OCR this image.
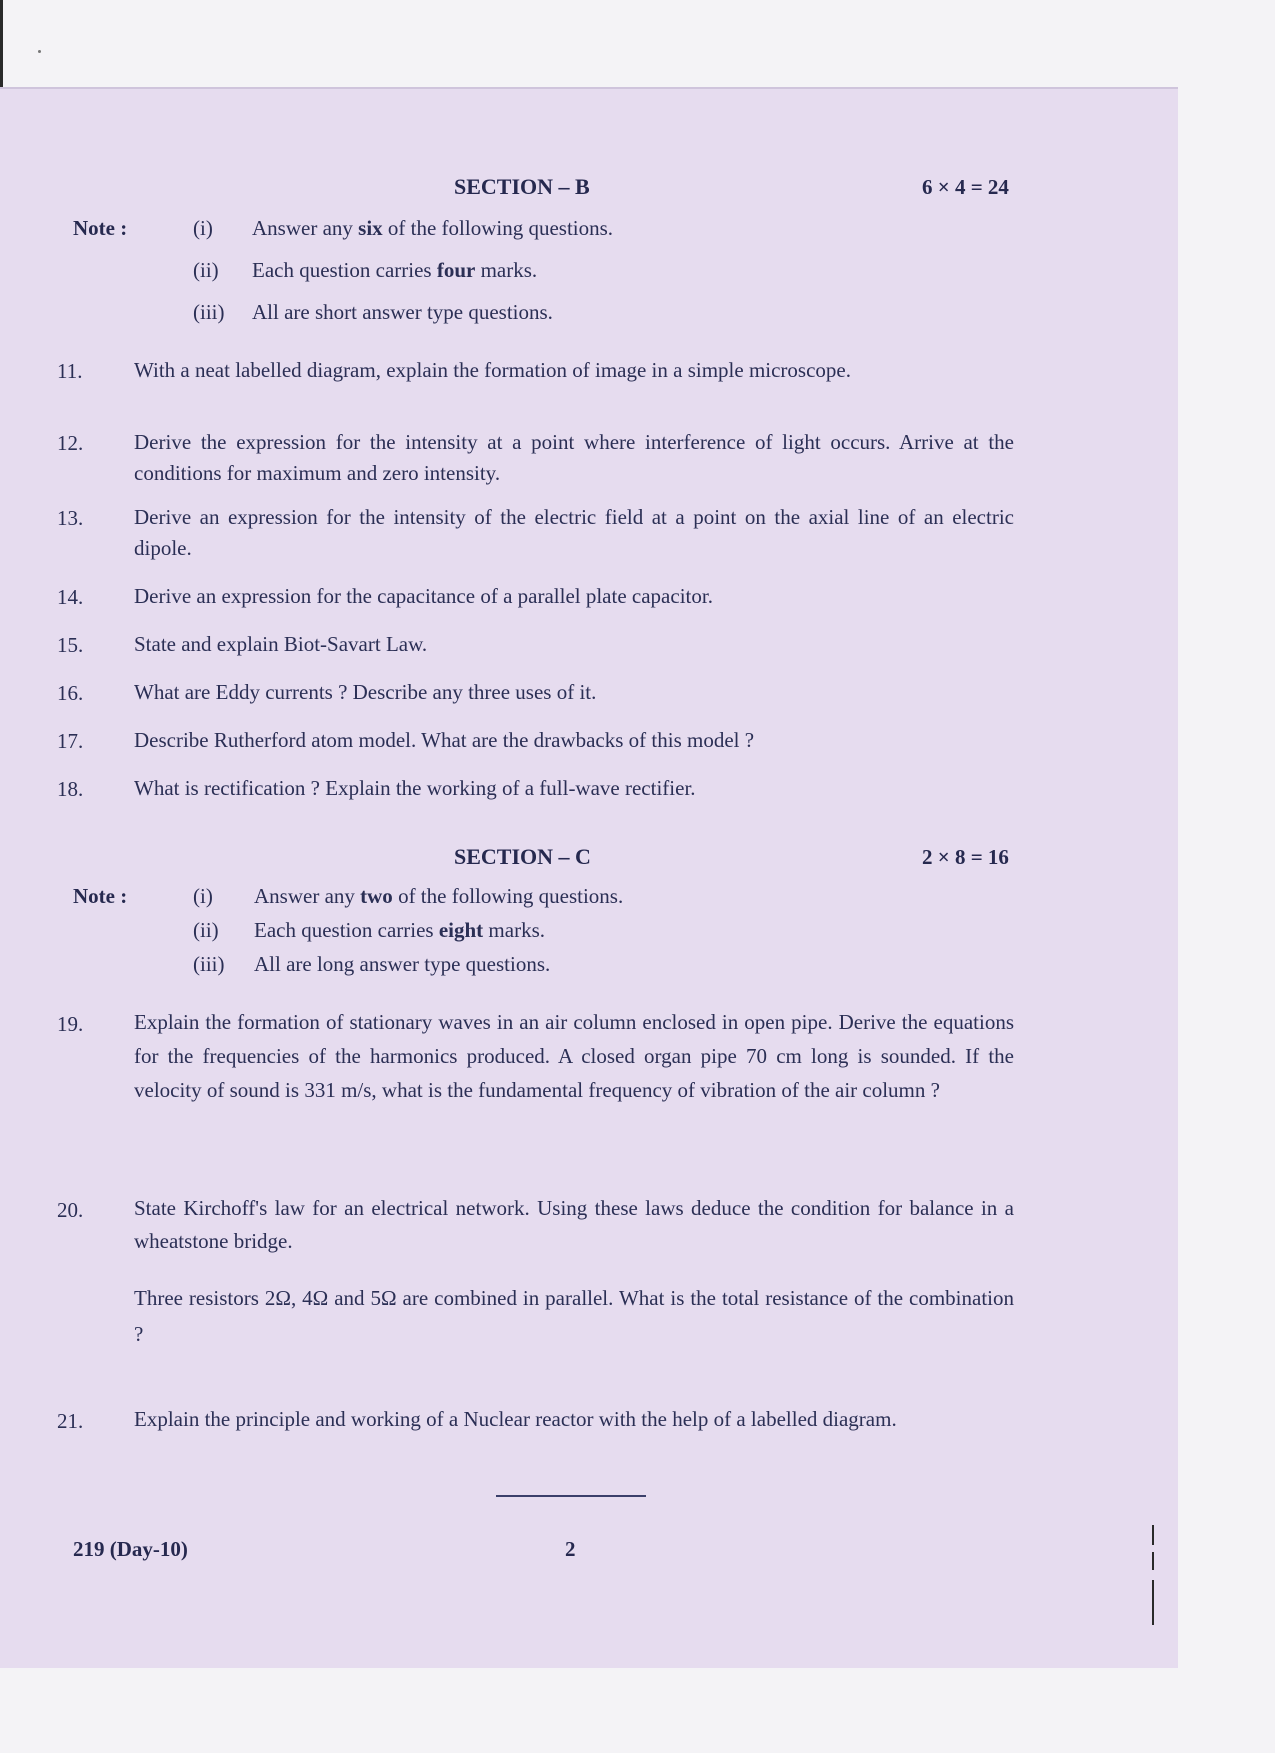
SECTION – B	6 × 4 = 24
Note :	(i) Answer any six of the following questions.
(ii) Each question carries four marks.
(iii) All are short answer type questions.
11. With a neat labelled diagram, explain the formation of image in a simple microscope.
12. Derive the expression for the intensity at a point where interference of light occurs. Arrive at the conditions for maximum and zero intensity.
13. Derive an expression for the intensity of the electric field at a point on the axial line of an electric dipole.
14. Derive an expression for the capacitance of a parallel plate capacitor.
15. State and explain Biot-Savart Law.
16. What are Eddy currents ? Describe any three uses of it.
17. Describe Rutherford atom model. What are the drawbacks of this model ?
18. What is rectification ? Explain the working of a full-wave rectifier.
SECTION – C	2 × 8 = 16
Note :	(i) Answer any two of the following questions.
(ii) Each question carries eight marks.
(iii) All are long answer type questions.
19. Explain the formation of stationary waves in an air column enclosed in open pipe. Derive the equations for the frequencies of the harmonics produced. A closed organ pipe 70 cm long is sounded. If the velocity of sound is 331 m/s, what is the fundamental frequency of vibration of the air column ?
20. State Kirchoff's law for an electrical network. Using these laws deduce the condition for balance in a wheatstone bridge.
Three resistors 2Ω, 4Ω and 5Ω are combined in parallel. What is the total resistance of the combination ?
21. Explain the principle and working of a Nuclear reactor with the help of a labelled diagram.
219 (Day-10)	2
